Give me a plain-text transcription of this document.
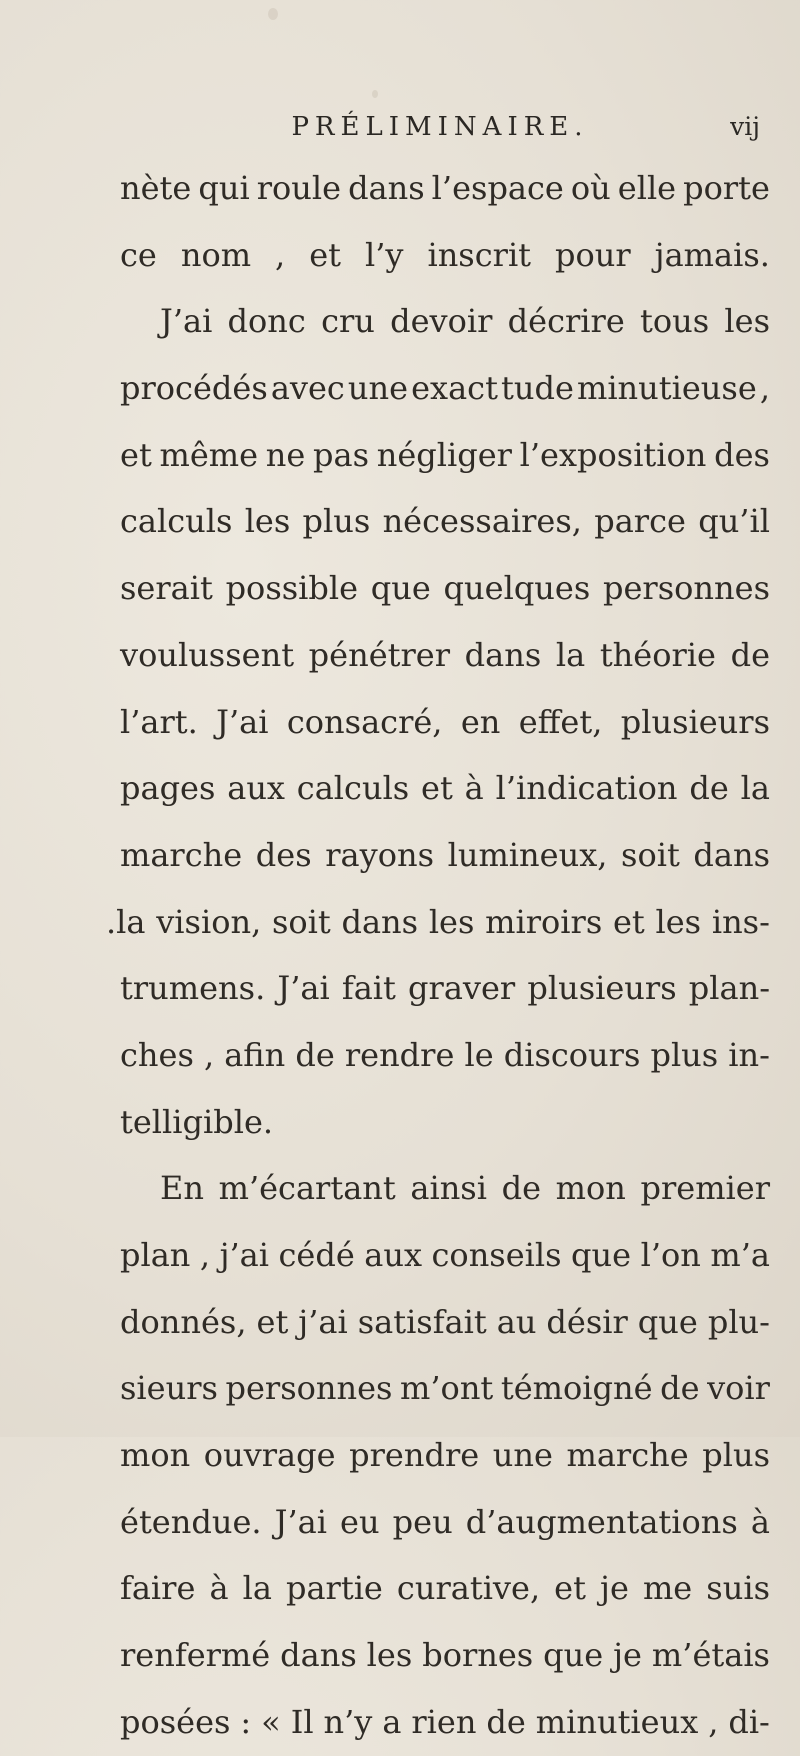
PRÉLIMINAIRE.	vij
nète qui roule dans l’espace où elle porte
ce nom , et l’y inscrit pour jamais.
J’ai donc cru devoir décrire tous les
procédés avec une exact tude minutieuse ,
et même ne pas négliger l’exposition des
calculs les plus nécessaires, parce qu’il
serait possible que quelques personnes
voulussent pénétrer dans la théorie de
l’art. J’ai consacré, en effet, plusieurs
pages aux calculs et à l’indication de la
marche des rayons lumineux, soit dans
.la vision, soit dans les miroirs et les ins-
trumens. J’ai fait graver plusieurs plan-
ches , afin de rendre le discours plus in-
telligible.
En m’écartant ainsi de mon premier
plan , j’ai cédé aux conseils que l’on m’a
donnés, et j’ai satisfait au désir que plu-
sieurs personnes m’ont témoigné de voir
mon ouvrage prendre une marche plus
étendue. J’ai eu peu d’augmentations à
faire à la partie curative, et je me suis
renfermé dans les bornes que je m’étais
posées : « Il n’y a rien de minutieux , di-
